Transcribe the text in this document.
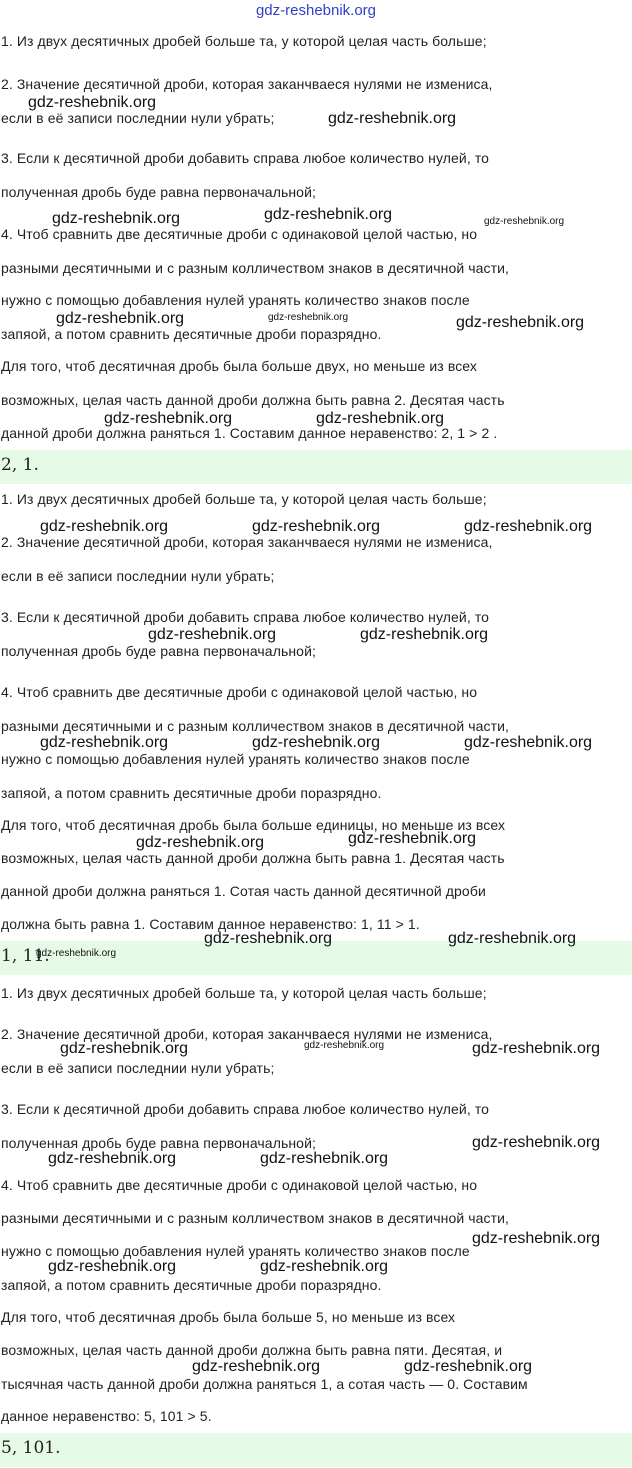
gdz-reshebnik.org
1. Из двух десятичных дробей больше та, у которой целая часть больше;
2. Значение десятичной дроби, которая заканчваеся нулями не измениса,
если в её записи последнии нули убрать;
3. Если к десятичной дроби добавить справа любое количество нулей, то
полученная дробь буде равна первоначальной;
4. Чтоб сравнить две десятичные дроби с одинаковой целой частью, но
разными десятичными и с разным колличеством знаков в десятичной части,
нужно с помощью добавления нулей уранять количество знаков после
запяой, а потом сравнить десятичные дроби поразрядно.
Для того, чтоб десятичная дробь была больше двух, но меньше из всех
возможных, целая часть данной дроби должна быть равна 2. Десятая часть
данной дроби должна раняться 1. Составим данное неравенство: 2, 1 > 2 .
2, 1.
1. Из двух десятичных дробей больше та, у которой целая часть больше;
2. Значение десятичной дроби, которая заканчваеся нулями не измениса,
если в её записи последнии нули убрать;
3. Если к десятичной дроби добавить справа любое количество нулей, то
полученная дробь буде равна первоначальной;
4. Чтоб сравнить две десятичные дроби с одинаковой целой частью, но
разными десятичными и с разным колличеством знаков в десятичной части,
нужно с помощью добавления нулей уранять количество знаков после
запяой, а потом сравнить десятичные дроби поразрядно.
Для того, чтоб десятичная дробь была больше единицы, но меньше из всех
возможных, целая часть данной дроби должна быть равна 1. Десятая часть
данной дроби должна раняться 1. Сотая часть данной десятичной дроби
должна быть равна 1. Составим данное неравенство: 1, 11 > 1.
1, 11.
1. Из двух десятичных дробей больше та, у которой целая часть больше;
2. Значение десятичной дроби, которая заканчваеся нулями не измениса,
если в её записи последнии нули убрать;
3. Если к десятичной дроби добавить справа любое количество нулей, то
полученная дробь буде равна первоначальной;
4. Чтоб сравнить две десятичные дроби с одинаковой целой частью, но
разными десятичными и с разным колличеством знаков в десятичной части,
нужно с помощью добавления нулей уранять количество знаков после
запяой, а потом сравнить десятичные дроби поразрядно.
Для того, чтоб десятичная дробь была больше 5, но меньше из всех
возможных, целая часть данной дроби должна быть равна пяти. Десятая, и
тысячная часть данной дроби должна раняться 1, а сотая часть — 0. Составим
данное неравенство: 5, 101 > 5.
5, 101.
gdz-reshebnik.org
gdz-reshebnik.org
gdz-reshebnik.org	gdz-reshebnik.org	gdz-reshebnik.org
gdz-reshebnik.org	gdz-reshebnik.org	gdz-reshebnik.org
gdz-reshebnik.org	gdz-reshebnik.org
gdz-reshebnik.org	gdz-reshebnik.org	gdz-reshebnik.org
gdz-reshebnik.org	gdz-reshebnik.org
gdz-reshebnik.org	gdz-reshebnik.org	gdz-reshebnik.org
gdz-reshebnik.org	gdz-reshebnik.org
gdz-reshebnik.org	gdz-reshebnik.org
gdz-reshebnik.org
gdz-reshebnik.org	gdz-reshebnik.org	gdz-reshebnik.org
gdz-reshebnik.org
gdz-reshebnik.org	gdz-reshebnik.org
gdz-reshebnik.org
gdz-reshebnik.org	gdz-reshebnik.org
gdz-reshebnik.org	gdz-reshebnik.org
